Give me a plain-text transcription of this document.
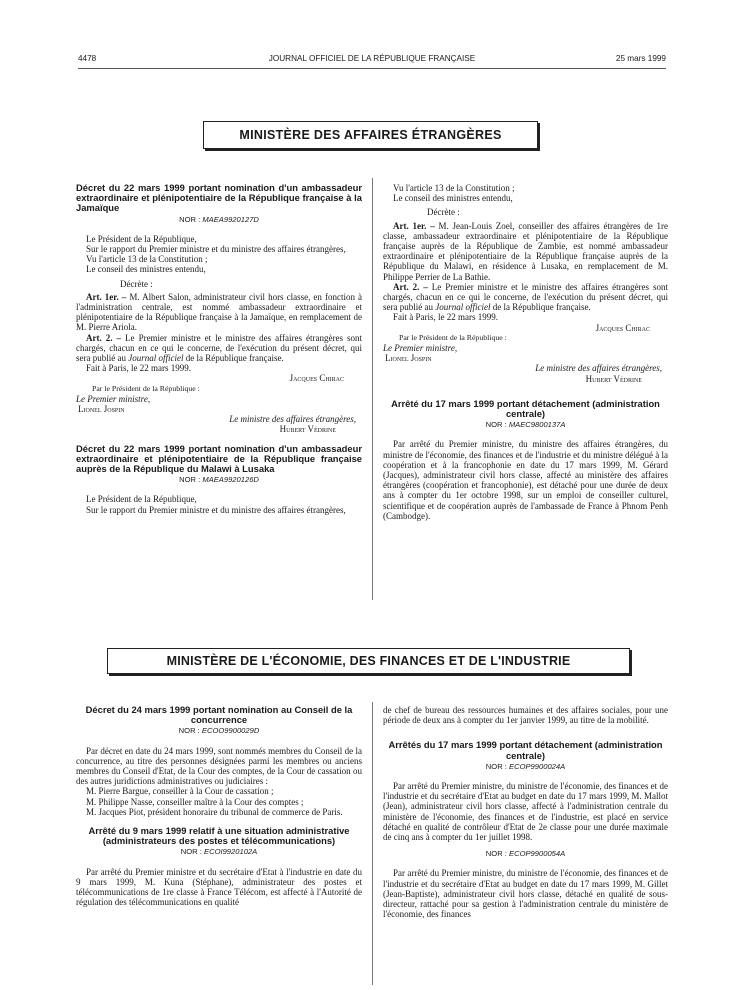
4478	JOURNAL OFFICIEL DE LA RÉPUBLIQUE FRANÇAISE	25 mars 1999
MINISTÈRE DES AFFAIRES ÉTRANGÈRES

Décret du 22 mars 1999 portant nomination d'un ambassadeur extraordinaire et plénipotentiaire de la République française à la Jamaïque

NOR : MAEA9920127D

Le Président de la République,

Sur le rapport du Premier ministre et du ministre des affaires étrangères,

Vu l'article 13 de la Constitution ;

Le conseil des ministres entendu,

Décrète :

Art. 1er. – M. Albert Salon, administrateur civil hors classe, en fonction à l'administration centrale, est nommé ambassadeur extraordinaire et plénipotentiaire de la République française à la Jamaïque, en remplacement de M. Pierre Ariola.

Art. 2. – Le Premier ministre et le ministre des affaires étrangères sont chargés, chacun en ce qui le concerne, de l'exécution du présent décret, qui sera publié au Journal officiel de la République française.

Fait à Paris, le 22 mars 1999.

Jacques Chirac

Par le Président de la République :

Le Premier ministre,

Lionel Jospin

Le ministre des affaires étrangères,

Hubert Védrine

Décret du 22 mars 1999 portant nomination d'un ambassadeur extraordinaire et plénipotentiaire de la République française auprès de la République du Malawi à Lusaka

NOR : MAEA9920126D

Le Président de la République,

Sur le rapport du Premier ministre et du ministre des affaires étrangères,

Vu l'article 13 de la Constitution ;

Le conseil des ministres entendu,

Décrète :

Art. 1er. – M. Jean-Louis Zoel, conseiller des affaires étrangères de 1re classe, ambassadeur extraordinaire et plénipotentiaire de la République française auprès de la République de Zambie, est nommé ambassadeur extraordinaire et plénipotentiaire de la République française auprès de la République du Malawi, en résidence à Lusaka, en remplacement de M. Philippe Perrier de La Bathie.

Art. 2. – Le Premier ministre et le ministre des affaires étrangères sont chargés, chacun en ce qui le concerne, de l'exécution du présent décret, qui sera publié au Journal officiel de la République française.

Fait à Paris, le 22 mars 1999.

Jacques Chirac

Par le Président de la République :

Le Premier ministre,

Lionel Jospin

Le ministre des affaires étrangères,

Hubert Védrine

Arrêté du 17 mars 1999 portant détachement (administration centrale)

NOR : MAEC9800137A

Par arrêté du Premier ministre, du ministre des affaires étrangères, du ministre de l'économie, des finances et de l'industrie et du ministre délégué à la coopération et à la francophonie en date du 17 mars 1999, M. Gérard (Jacques), administrateur civil hors classe, affecté au ministère des affaires étrangères (coopération et francophonie), est détaché pour une durée de deux ans à compter du 1er octobre 1998, sur un emploi de conseiller culturel, scientifique et de coopération auprès de l'ambassade de France à Phnom Penh (Cambodge).

MINISTÈRE DE L'ÉCONOMIE, DES FINANCES ET DE L'INDUSTRIE

Décret du 24 mars 1999 portant nomination au Conseil de la concurrence

NOR : ECOO9900029D

Par décret en date du 24 mars 1999, sont nommés membres du Conseil de la concurrence, au titre des personnes désignées parmi les membres ou anciens membres du Conseil d'Etat, de la Cour des comptes, de la Cour de cassation ou des autres juridictions administratives ou judiciaires :

M. Pierre Bargue, conseiller à la Cour de cassation ;

M. Philippe Nasse, conseiller maître à la Cour des comptes ;

M. Jacques Piot, président honoraire du tribunal de commerce de Paris.

Arrêté du 9 mars 1999 relatif à une situation administrative (administrateurs des postes et télécommunications)

NOR : ECOI9920102A

Par arrêté du Premier ministre et du secrétaire d'Etat à l'industrie en date du 9 mars 1999, M. Kuna (Stéphane), administrateur des postes et télécommunications de 1re classe à France Télécom, est affecté à l'Autorité de régulation des télécommunications en qualité

de chef de bureau des ressources humaines et des affaires sociales, pour une période de deux ans à compter du 1er janvier 1999, au titre de la mobilité.

Arrêtés du 17 mars 1999 portant détachement (administration centrale)

NOR : ECOP9900024A

Par arrêté du Premier ministre, du ministre de l'économie, des finances et de l'industrie et du secrétaire d'Etat au budget en date du 17 mars 1999, M. Mallot (Jean), administrateur civil hors classe, affecté à l'administration centrale du ministère de l'économie, des finances et de l'industrie, est placé en service détaché en qualité de contrôleur d'Etat de 2e classe pour une durée maximale de cinq ans à compter du 1er juillet 1998.

NOR : ECOP9900054A

Par arrêté du Premier ministre, du ministre de l'économie, des finances et de l'industrie et du secrétaire d'Etat au budget en date du 17 mars 1999, M. Gillet (Jean-Baptiste), administrateur civil hors classe, détaché en qualité de sous-directeur, rattaché pour sa gestion à l'administration centrale du ministère de l'économie, des finances
